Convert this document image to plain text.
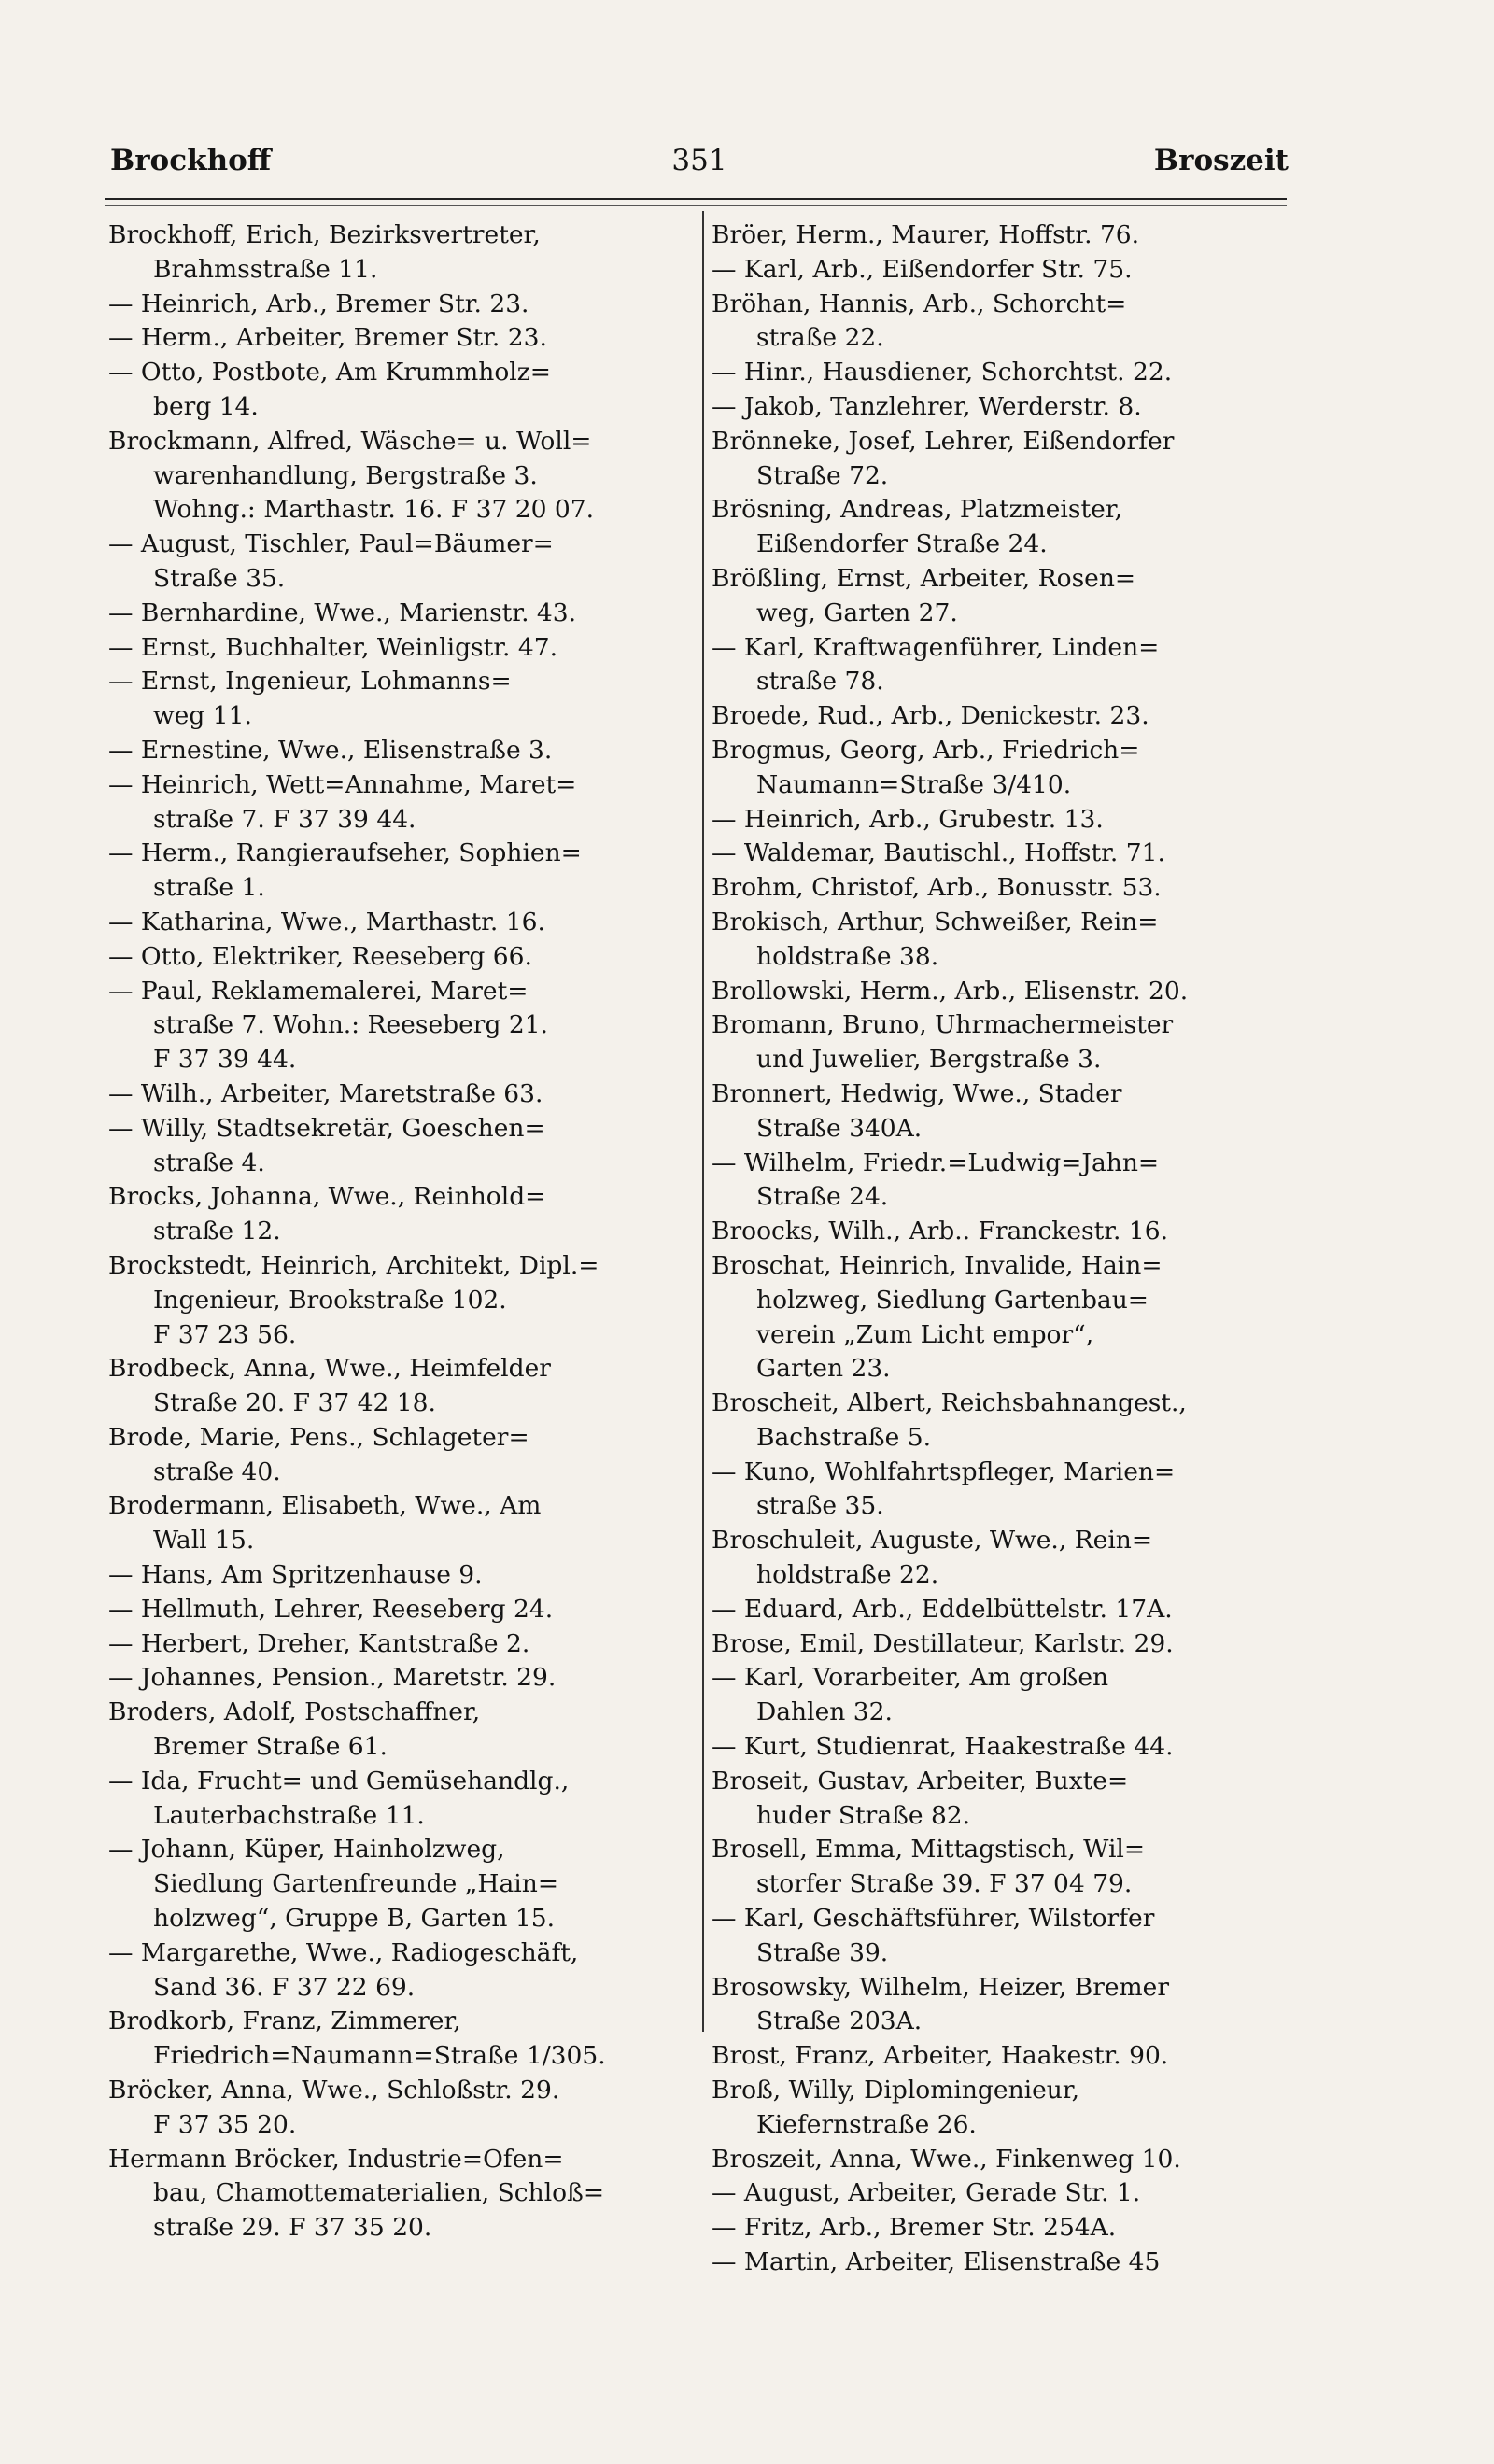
Brockhoff	351	Broszeit
Brockhoff, Erich, Bezirksvertreter,
Brahmsstraße 11.
— Heinrich, Arb., Bremer Str. 23.
— Herm., Arbeiter, Bremer Str. 23.
— Otto, Postbote, Am Krummholz=
berg 14.
Brockmann, Alfred, Wäsche= u. Woll=
warenhandlung, Bergstraße 3.
Wohng.: Marthastr. 16. F 37 20 07.
— August, Tischler, Paul=Bäumer=
Straße 35.
— Bernhardine, Wwe., Marienstr. 43.
— Ernst, Buchhalter, Weinligstr. 47.
— Ernst, Ingenieur, Lohmanns=
weg 11.
— Ernestine, Wwe., Elisenstraße 3.
— Heinrich, Wett=Annahme, Maret=
straße 7. F 37 39 44.
— Herm., Rangieraufseher, Sophien=
straße 1.
— Katharina, Wwe., Marthastr. 16.
— Otto, Elektriker, Reeseberg 66.
— Paul, Reklamemalerei, Maret=
straße 7. Wohn.: Reeseberg 21.
F 37 39 44.
— Wilh., Arbeiter, Maretstraße 63.
— Willy, Stadtsekretär, Goeschen=
straße 4.
Brocks, Johanna, Wwe., Reinhold=
straße 12.
Brockstedt, Heinrich, Architekt, Dipl.=
Ingenieur, Brookstraße 102.
F 37 23 56.
Brodbeck, Anna, Wwe., Heimfelder
Straße 20. F 37 42 18.
Brode, Marie, Pens., Schlageter=
straße 40.
Brodermann, Elisabeth, Wwe., Am
Wall 15.
— Hans, Am Spritzenhause 9.
— Hellmuth, Lehrer, Reeseberg 24.
— Herbert, Dreher, Kantstraße 2.
— Johannes, Pension., Maretstr. 29.
Broders, Adolf, Postschaffner,
Bremer Straße 61.
— Ida, Frucht= und Gemüsehandlg.,
Lauterbachstraße 11.
— Johann, Küper, Hainholzweg,
Siedlung Gartenfreunde „Hain=
holzweg“, Gruppe B, Garten 15.
— Margarethe, Wwe., Radiogeschäft,
Sand 36. F 37 22 69.
Brodkorb, Franz, Zimmerer,
Friedrich=Naumann=Straße 1/305.
Bröcker, Anna, Wwe., Schloßstr. 29.
F 37 35 20.
Hermann Bröcker, Industrie=Ofen=
bau, Chamottematerialien, Schloß=
straße 29. F 37 35 20.
Bröer, Herm., Maurer, Hoffstr. 76.
— Karl, Arb., Eißendorfer Str. 75.
Bröhan, Hannis, Arb., Schorcht=
straße 22.
— Hinr., Hausdiener, Schorchtst. 22.
— Jakob, Tanzlehrer, Werderstr. 8.
Brönneke, Josef, Lehrer, Eißendorfer
Straße 72.
Brösning, Andreas, Platzmeister,
Eißendorfer Straße 24.
Brößling, Ernst, Arbeiter, Rosen=
weg, Garten 27.
— Karl, Kraftwagenführer, Linden=
straße 78.
Broede, Rud., Arb., Denickestr. 23.
Brogmus, Georg, Arb., Friedrich=
Naumann=Straße 3/410.
— Heinrich, Arb., Grubestr. 13.
— Waldemar, Bautischl., Hoffstr. 71.
Brohm, Christof, Arb., Bonusstr. 53.
Brokisch, Arthur, Schweißer, Rein=
holdstraße 38.
Brollowski, Herm., Arb., Elisenstr. 20.
Bromann, Bruno, Uhrmachermeister
und Juwelier, Bergstraße 3.
Bronnert, Hedwig, Wwe., Stader
Straße 340A.
— Wilhelm, Friedr.=Ludwig=Jahn=
Straße 24.
Broocks, Wilh., Arb.. Franckestr. 16.
Broschat, Heinrich, Invalide, Hain=
holzweg, Siedlung Gartenbau=
verein „Zum Licht empor“,
Garten 23.
Broscheit, Albert, Reichsbahnangest.,
Bachstraße 5.
— Kuno, Wohlfahrtspfleger, Marien=
straße 35.
Broschuleit, Auguste, Wwe., Rein=
holdstraße 22.
— Eduard, Arb., Eddelbüttelstr. 17A.
Brose, Emil, Destillateur, Karlstr. 29.
— Karl, Vorarbeiter, Am großen
Dahlen 32.
— Kurt, Studienrat, Haakestraße 44.
Broseit, Gustav, Arbeiter, Buxte=
huder Straße 82.
Brosell, Emma, Mittagstisch, Wil=
storfer Straße 39. F 37 04 79.
— Karl, Geschäftsführer, Wilstorfer
Straße 39.
Brosowsky, Wilhelm, Heizer, Bremer
Straße 203A.
Brost, Franz, Arbeiter, Haakestr. 90.
Broß, Willy, Diplomingenieur,
Kiefernstraße 26.
Broszeit, Anna, Wwe., Finkenweg 10.
— August, Arbeiter, Gerade Str. 1.
— Fritz, Arb., Bremer Str. 254A.
— Martin, Arbeiter, Elisenstraße 45
